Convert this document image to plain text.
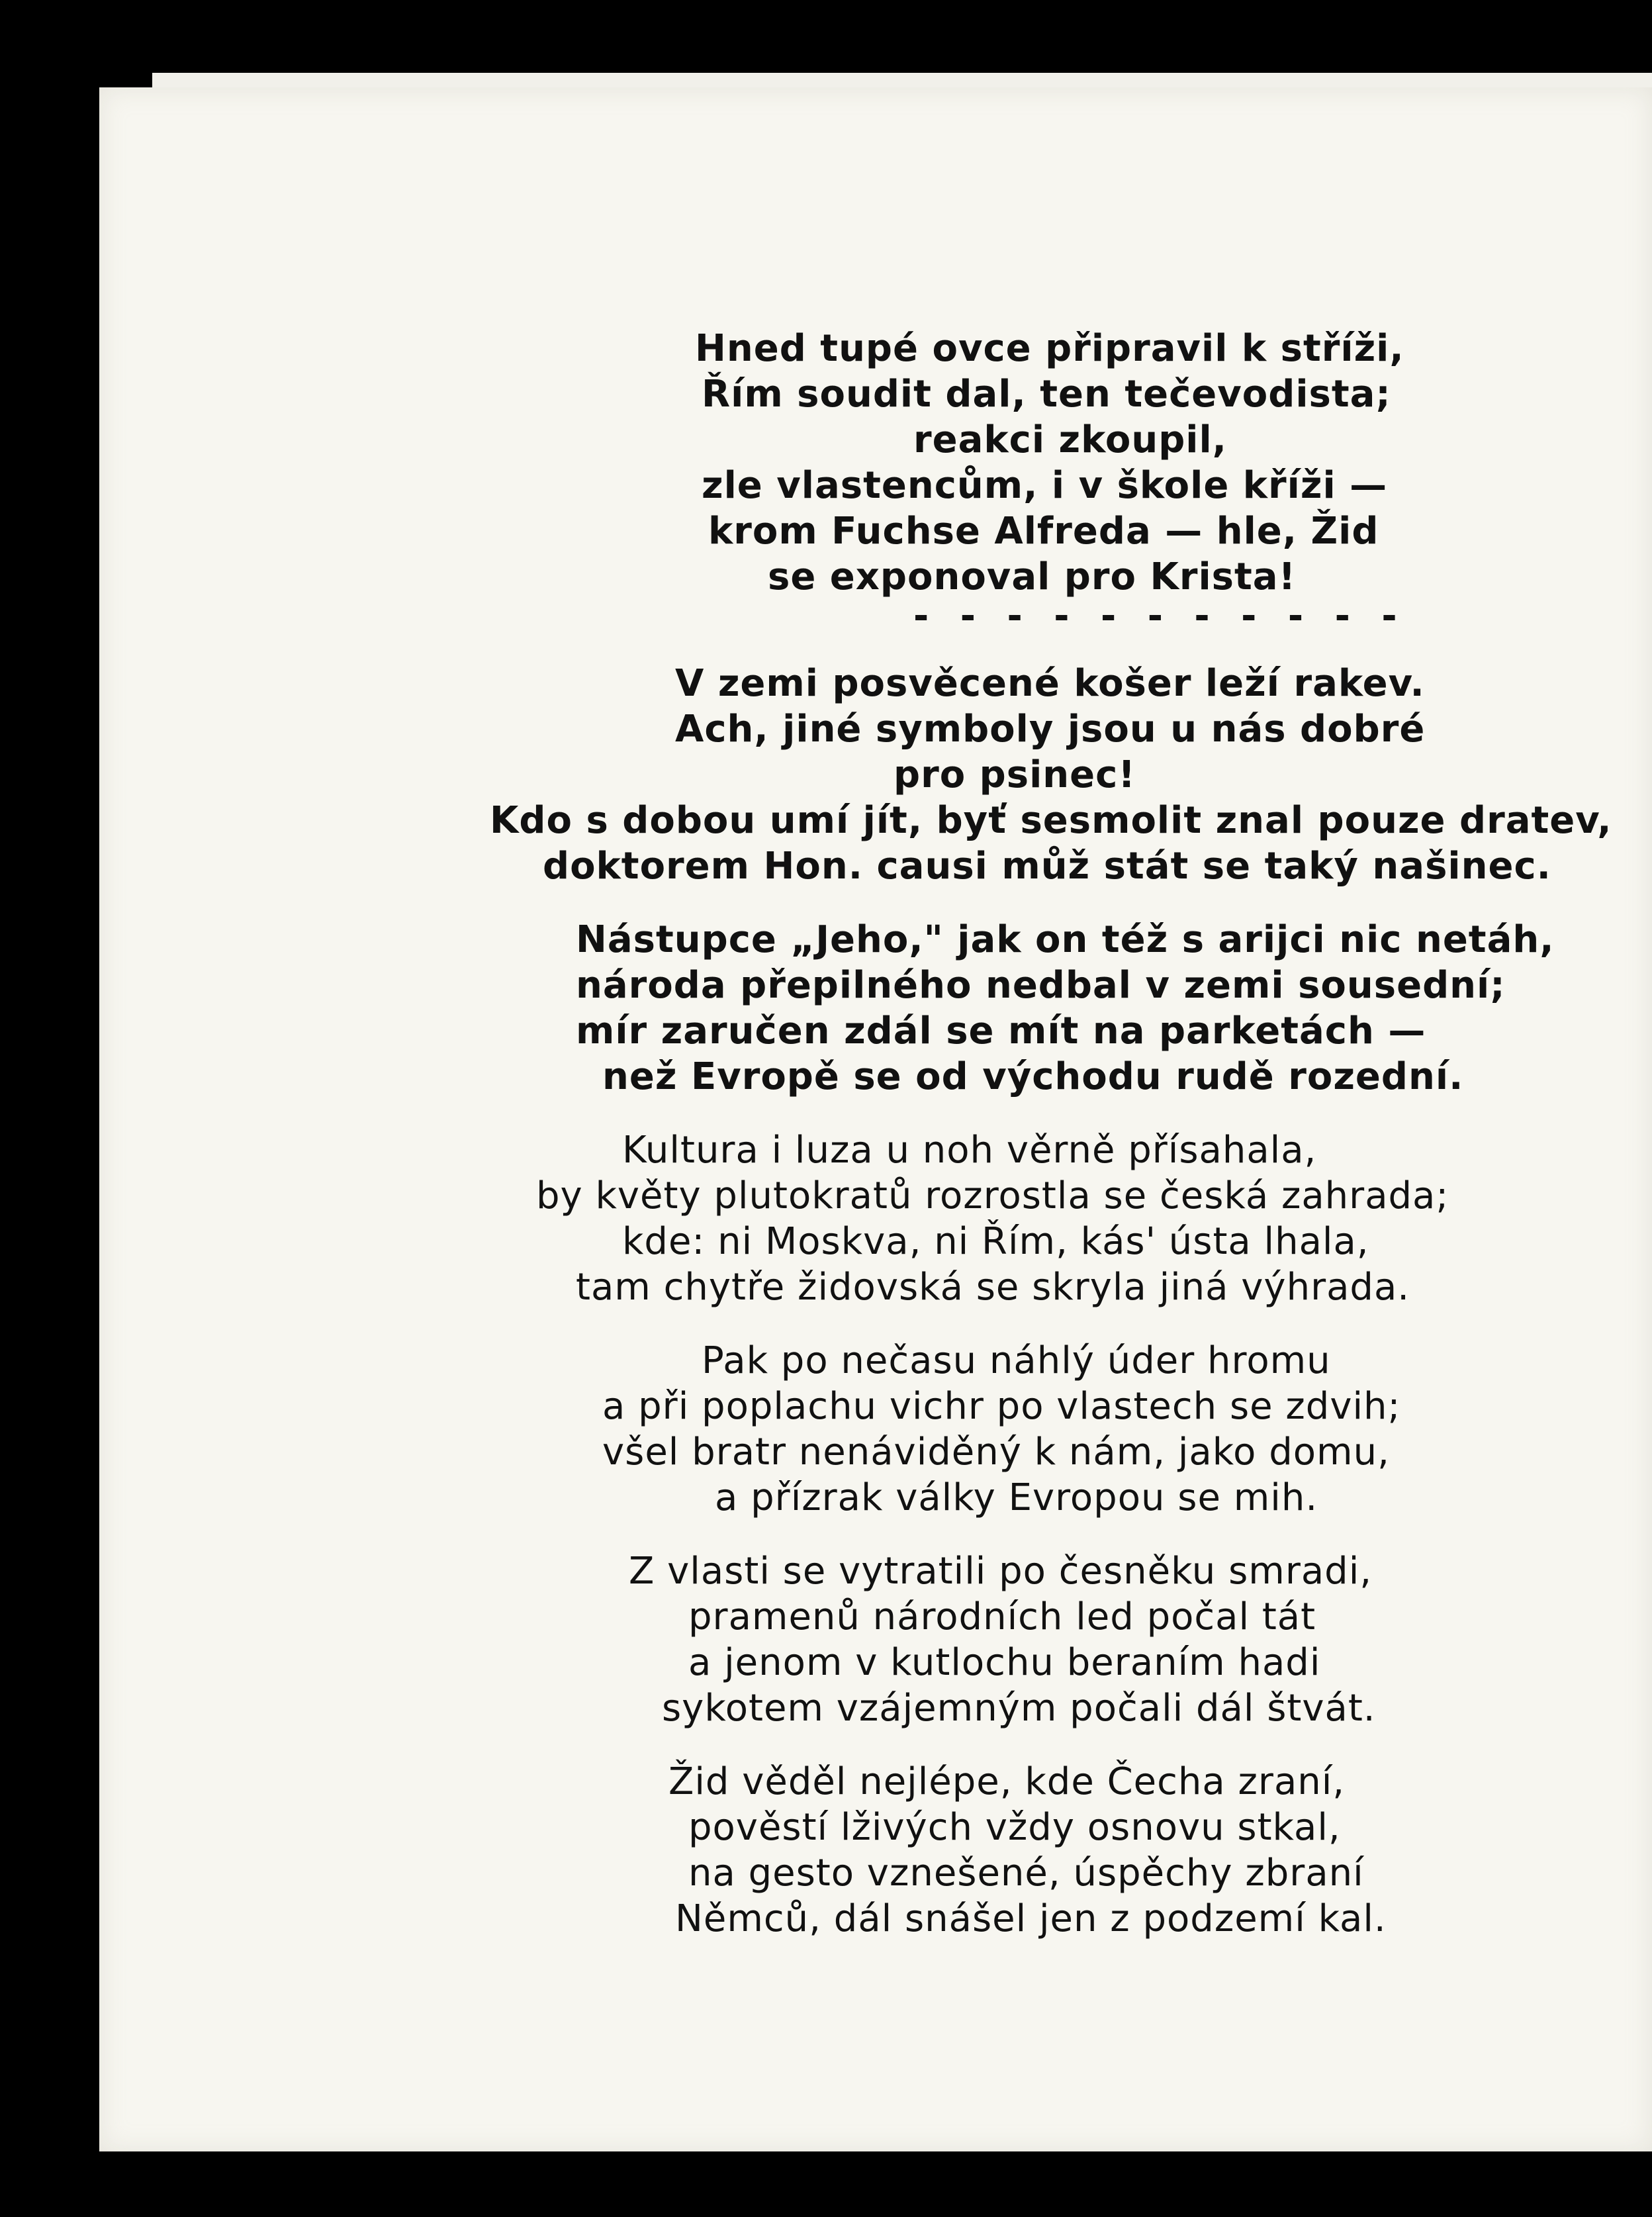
Hned tupé ovce připravil k stříži,
Řím soudit dal, ten tečevodista;
reakci zkoupil,
zle vlastencům, i v škole kříži —
krom Fuchse Alfreda — hle, Žid
se exponoval pro Krista!
- - - - - - - - - - -
V zemi posvěcené košer leží rakev.
Ach, jiné symboly jsou u nás dobré
pro psinec!
Kdo s dobou umí jít, byť sesmolit znal pouze dratev,
doktorem Hon. causi můž stát se taký našinec.
Nástupce „Jeho," jak on též s arijci nic netáh,
národa přepilného nedbal v zemi sousední;
mír zaručen zdál se mít na parketách —
než Evropě se od východu rudě rozední.
Kultura i luza u noh věrně přísahala,
by květy plutokratů rozrostla se česká zahrada;
kde: ni Moskva, ni Řím, kás' ústa lhala,
tam chytře židovská se skryla jiná výhrada.
Pak po nečasu náhlý úder hromu
a při poplachu vichr po vlastech se zdvih;
všel bratr nenáviděný k nám, jako domu,
a přízrak války Evropou se mih.
Z vlasti se vytratili po česněku smradi,
pramenů národních led počal tát
a jenom v kutlochu beraním hadi
sykotem vzájemným počali dál štvát.
Žid věděl nejlépe, kde Čecha zraní,
pověstí lživých vždy osnovu stkal,
na gesto vznešené, úspěchy zbraní
Němců, dál snášel jen z podzemí kal.
